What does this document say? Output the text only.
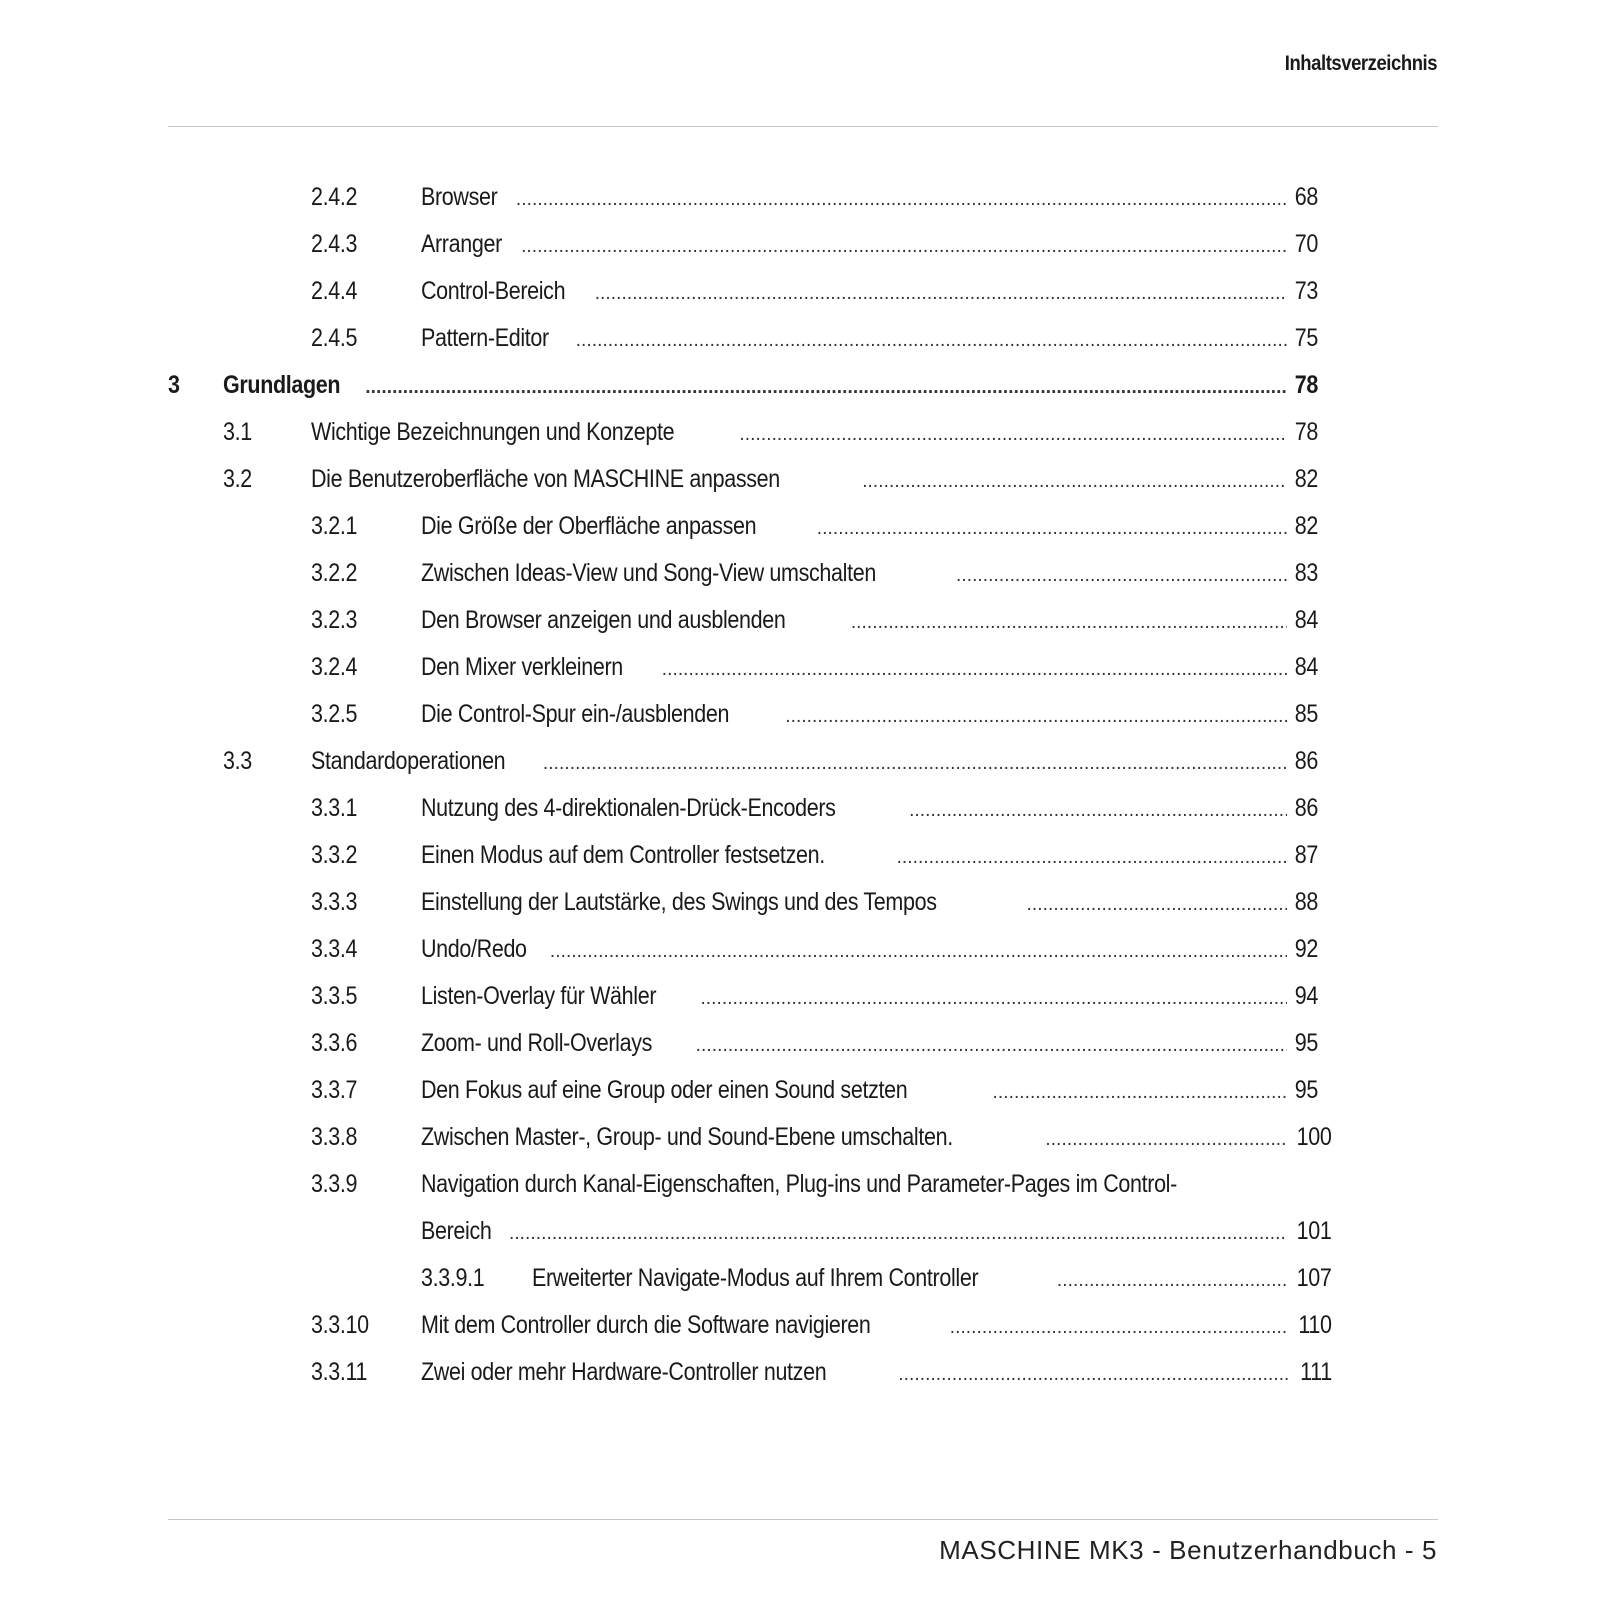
Inhaltsverzeichnis
2.4.2	Browser . . .	68
2.4.3	Arranger . . .	70
2.4.4	Control-Bereich . . .	73
2.4.5	Pattern-Editor . . .	75
3 Grundlagen . . .	78
3.1 Wichtige Bezeichnungen und Konzepte . . .	78
3.2 Die Benutzeroberfläche von MASCHINE anpassen . . .	82
3.2.1	Die Größe der Oberfläche anpassen . . .	82
3.2.2	Zwischen Ideas-View und Song-View umschalten . . .	83
3.2.3	Den Browser anzeigen und ausblenden . . .	84
3.2.4	Den Mixer verkleinern . . .	84
3.2.5	Die Control-Spur ein-/ausblenden . . .	85
3.3 Standardoperationen . . .	86
3.3.1	Nutzung des 4-direktionalen-Drück-Encoders . . .	86
3.3.2	Einen Modus auf dem Controller festsetzen. . . .	87
3.3.3	Einstellung der Lautstärke, des Swings und des Tempos . . .	88
3.3.4	Undo/Redo . . .	92
3.3.5	Listen-Overlay für Wähler . . .	94
3.3.6	Zoom- und Roll-Overlays . . .	95
3.3.7	Den Fokus auf eine Group oder einen Sound setzten . . .	95
3.3.8	Zwischen Master-, Group- und Sound-Ebene umschalten. . . .	100
3.3.9	Navigation durch Kanal-Eigenschaften, Plug-ins und Parameter-Pages im Control-
Bereich . . .	101
3.3.9.1 Erweiterter Navigate-Modus auf Ihrem Controller . . .	107
3.3.10 Mit dem Controller durch die Software navigieren . . .	110
3.3.11 Zwei oder mehr Hardware-Controller nutzen . . .	111
MASCHINE MK3 - Benutzerhandbuch - 5
